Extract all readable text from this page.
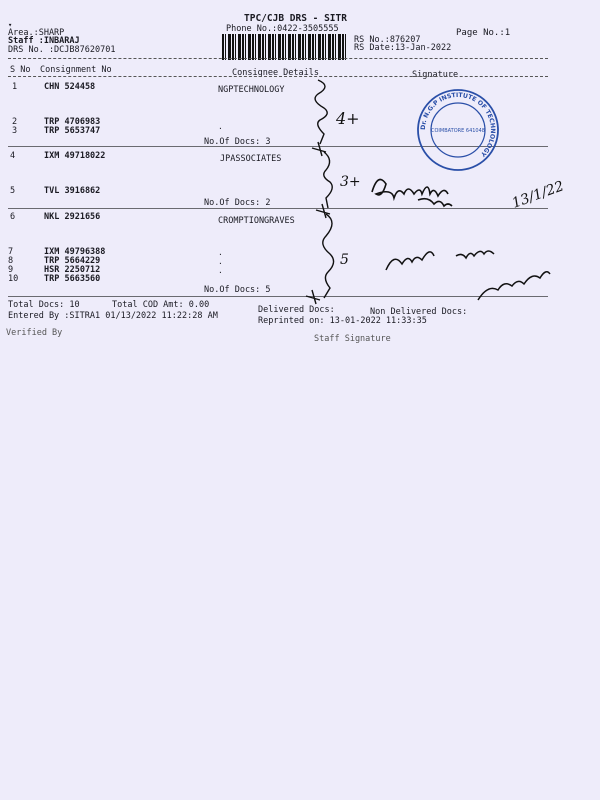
▾
TPC/CJB DRS - SITR
Phone No.:0422-3505555
Area.:SHARP
Staff :INBARAJ
DRS No. :DCJB87620701
Page No.:1
RS No.:876207
RS Date:13-Jan-2022
Consignee Details	Signature
S No Consignment No
1	CHN 524458	NGPTECHNOLOGY
2	TRP 4706983
3	TRP 5653747	.
No.Of Docs: 3
4	IXM 49718022	JPASSOCIATES
5	TVL 3916862
No.Of Docs: 2
6	NKL 2921656	CROMPTIONGRAVES
7	IXM 49796388
8	TRP 5664229
9	HSR 2250712
10	TRP 5663560
.
.
.
No.Of Docs: 5
Total Docs: 10	Total COD Amt: 0.00	Delivered Docs:	Non Delivered Docs:
Entered By :SITRA1 01/13/2022 11:22:28 AM	Reprinted on: 13-01-2022 11:33:35
Verified By
Staff Signature
4+
3+
5
13/1/22
Dr. N.G.P INSTITUTE OF TECHNOLOGY
COIMBATORE 641048
